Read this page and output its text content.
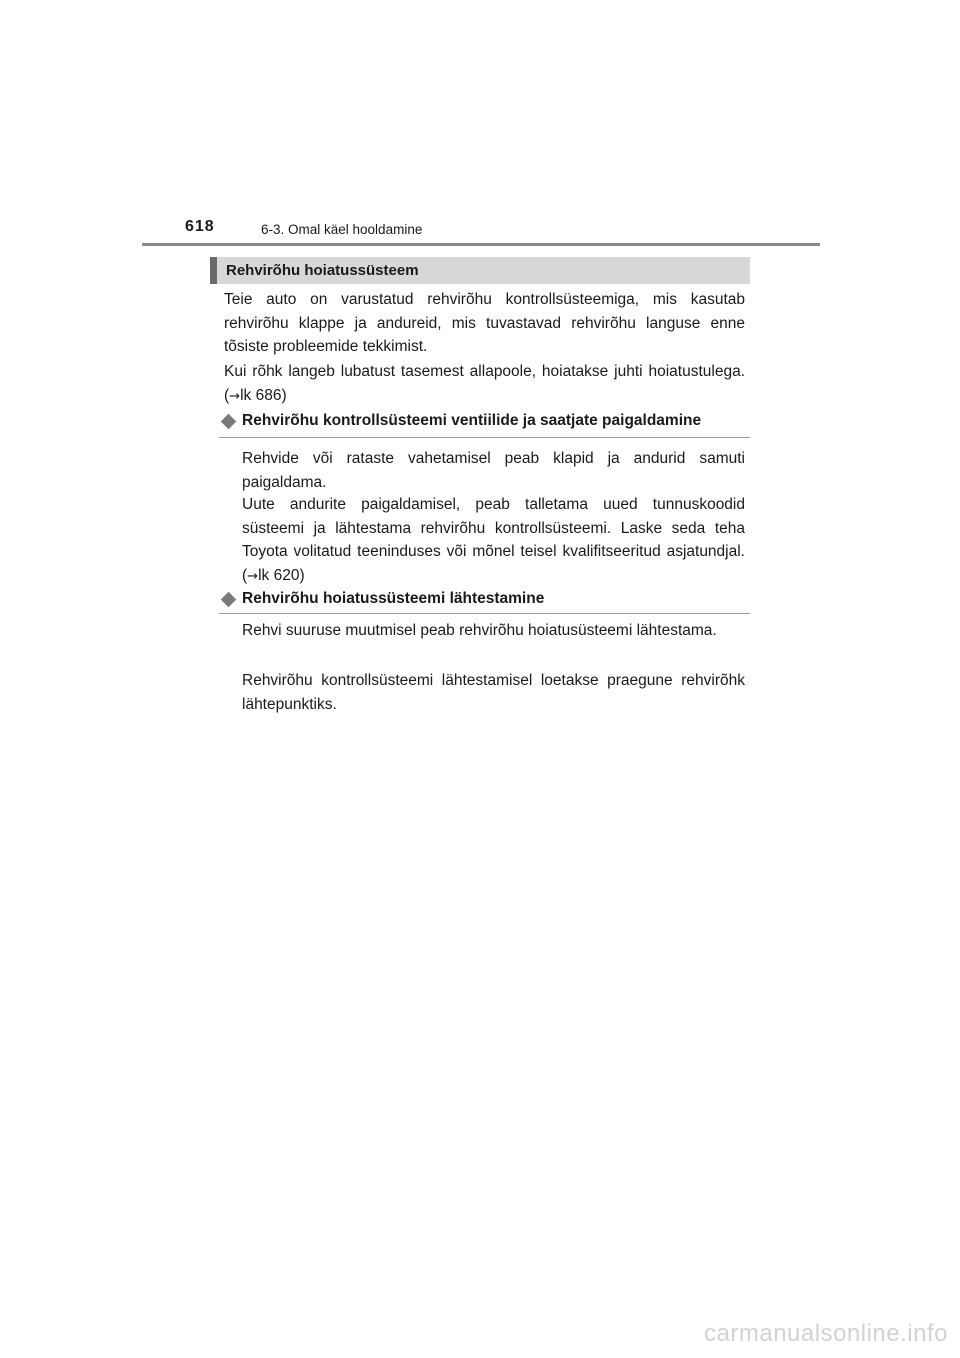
618	6-3. Omal käel hooldamine
Rehvirõhu hoiatussüsteem

Teie auto on varustatud rehvirõhu kontrollsüsteemiga, mis kasutab rehvirõhu klappe ja andureid, mis tuvastavad rehvirõhu languse enne tõsiste probleemide tekkimist.

Kui rõhk langeb lubatust tasemest allapoole, hoiatakse juhti hoiatustulega. (→lk 686)

Rehvirõhu kontrollsüsteemi ventiilide ja saatjate paigaldamine

Rehvide või rataste vahetamisel peab klapid ja andurid samuti paigaldama.

Uute andurite paigaldamisel, peab talletama uued tunnuskoodid süsteemi ja lähtestama rehvirõhu kontrollsüsteemi. Laske seda teha Toyota volitatud teeninduses või mõnel teisel kvalifitseeritud asjatundjal. (→lk 620)

Rehvirõhu hoiatussüsteemi lähtestamine

Rehvi suuruse muutmisel peab rehvirõhu hoiatusüsteemi lähtestama.

Rehvirõhu kontrollsüsteemi lähtestamisel loetakse praegune rehvirõhk lähtepunktiks.

carmanualsonline.info
